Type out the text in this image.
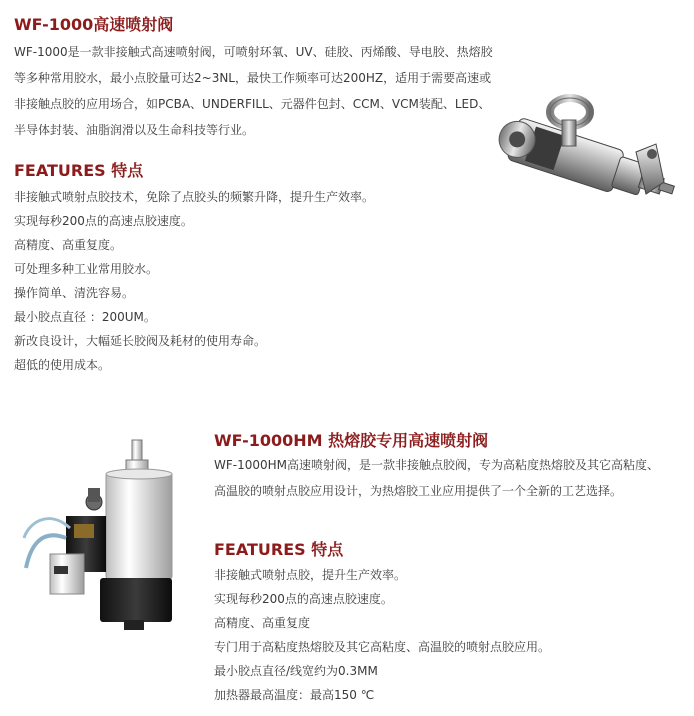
WF-1000高速喷射阀
WF-1000是一款非接触式高速喷射阀，可喷射环氧、UV、硅胶、丙烯酸、导电胶、热熔胶
等多种常用胶水，最小点胶量可达2~3NL，最快工作频率可达200HZ，适用于需要高速或
非接触点胶的应用场合，如PCBA、UNDERFILL、元器件包封、CCM、VCM装配、LED、
半导体封装、油脂润滑以及生命科技等行业。
FEATURES 特点
非接触式喷射点胶技术，免除了点胶头的频繁升降，提升生产效率。
实现每秒200点的高速点胶速度。
高精度、高重复度。
可处理多种工业常用胶水。
操作简单、清洗容易。
最小胶点直径 ：200UM。
新改良设计，大幅延长胶阀及耗材的使用寿命。
超低的使用成本。
WF-1000HM 热熔胶专用高速喷射阀
WF-1000HM高速喷射阀，是一款非接触点胶阀，专为高粘度热熔胶及其它高粘度、
高温胶的喷射点胶应用设计，为热熔胶工业应用提供了一个全新的工艺选择。
FEATURES 特点
非接触式喷射点胶，提升生产效率。
实现每秒200点的高速点胶速度。
高精度、高重复度
专门用于高粘度热熔胶及其它高粘度、高温胶的喷射点胶应用。
最小胶点直径/线宽约为0.3MM
加热器最高温度：最高150 ℃
